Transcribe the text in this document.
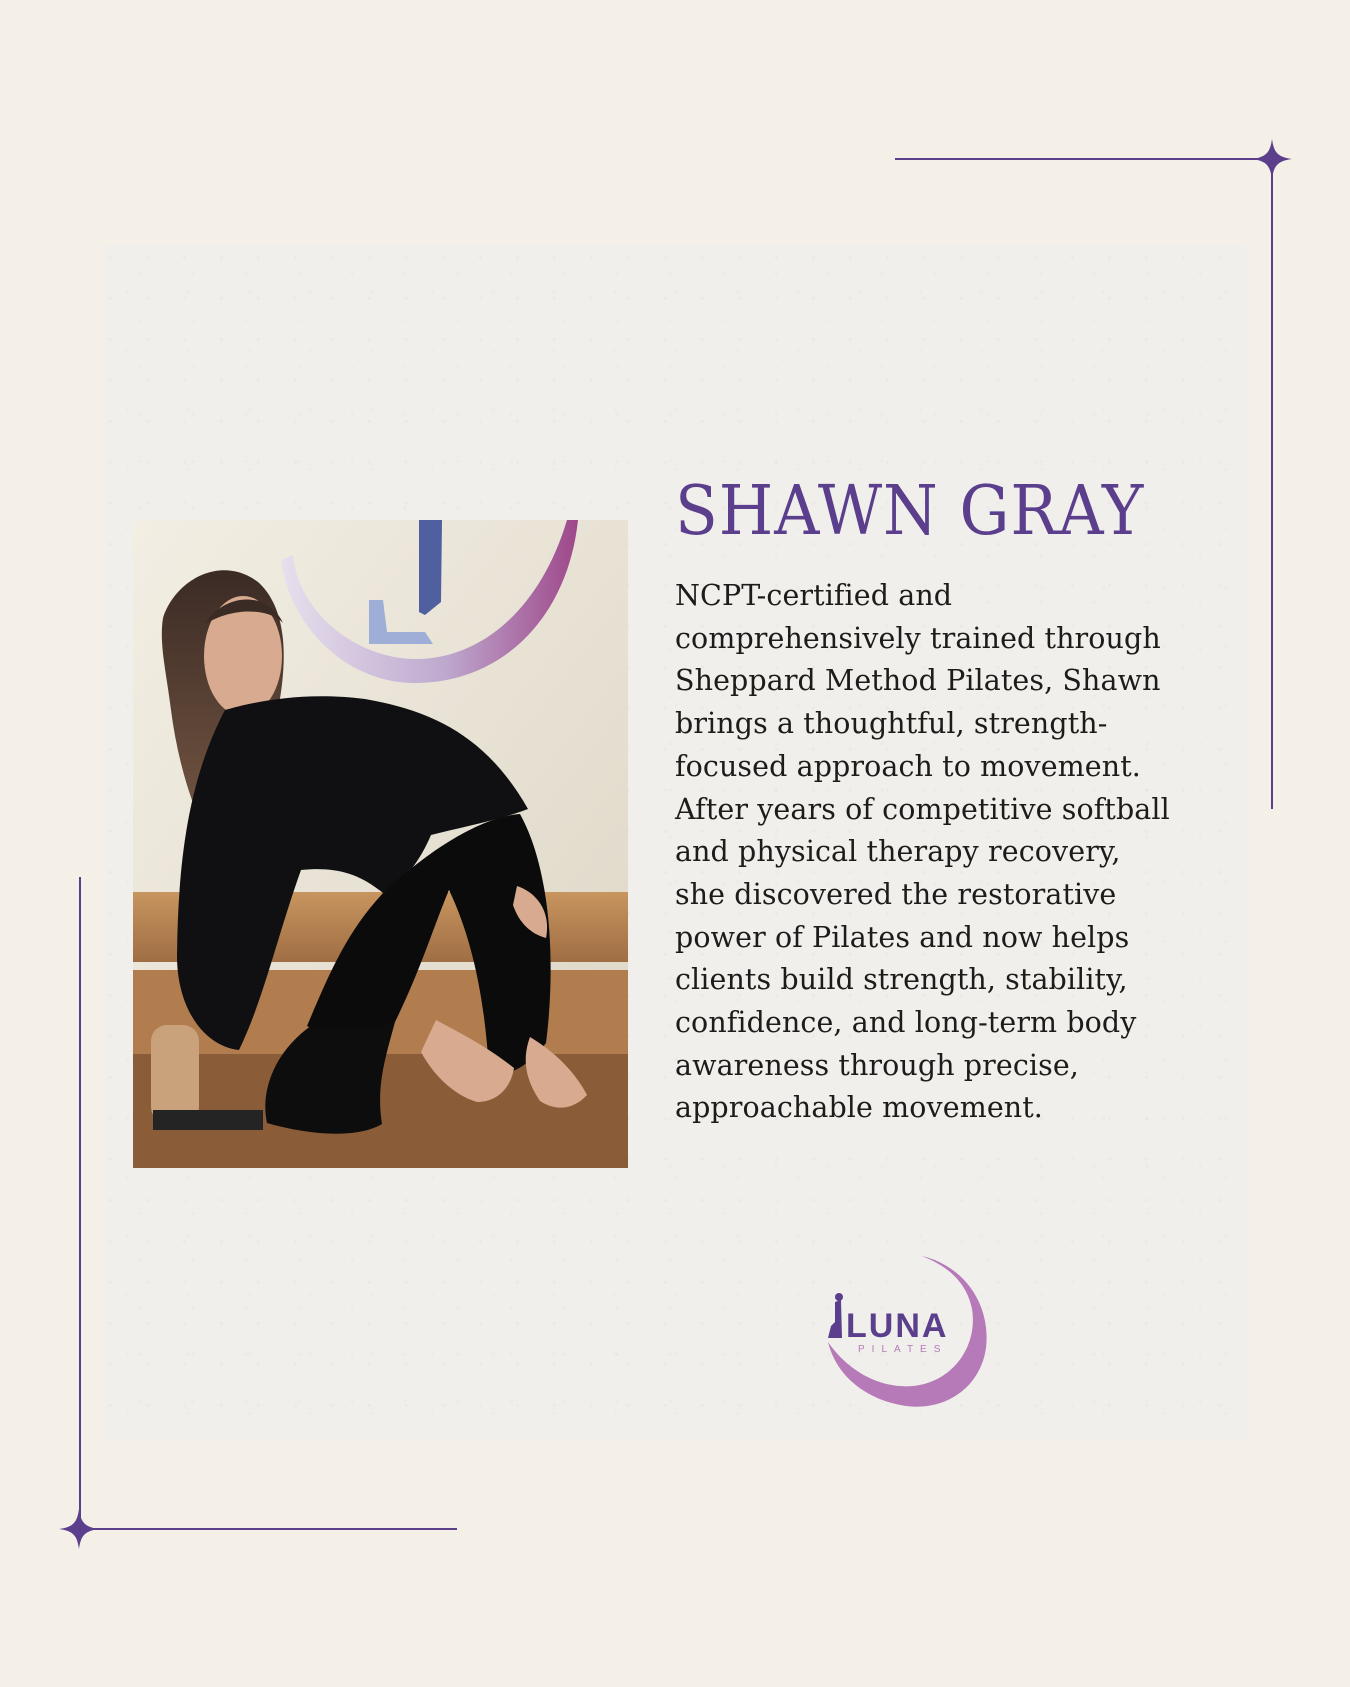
SHAWN GRAY

NCPT-certified and comprehensively trained through Sheppard Method Pilates, Shawn brings a thoughtful, strength-focused approach to movement. After years of competitive softball and physical therapy recovery, she discovered the restorative power of Pilates and now helps clients build strength, stability, confidence, and long-term body awareness through precise, approachable movement.

LUNA
PILATES
